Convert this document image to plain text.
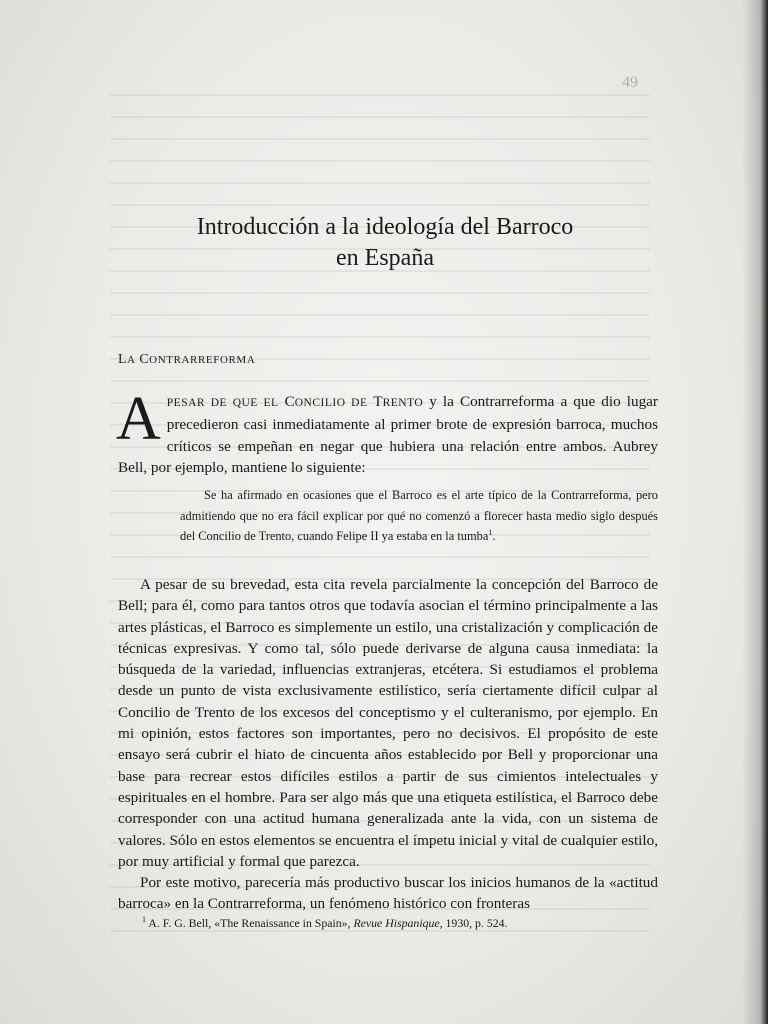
49
Introducción a la ideología del Barroco
en España
LA CONTRARREFORMA
APESAR DE QUE EL CONCILIO DE TRENTO y la Contrarreforma a que dio lugar precedieron casi inmediatamente al primer brote de expresión barroca, muchos críticos se empeñan en negar que hubiera una relación entre ambos. Aubrey Bell, por ejemplo, mantiene lo siguiente:

Se ha afirmado en ocasiones que el Barroco es el arte típico de la Contrarreforma, pero admitiendo que no era fácil explicar por qué no comenzó a florecer hasta medio siglo después del Concilio de Trento, cuando Felipe II ya estaba en la tumba$^1$.

A pesar de su brevedad, esta cita revela parcialmente la concepción del Barroco de Bell; para él, como para tantos otros que todavía asocian el término principalmente a las artes plásticas, el Barroco es simplemente un estilo, una cristalización y complicación de técnicas expresivas. Y como tal, sólo puede derivarse de alguna causa inmediata: la búsqueda de la variedad, influencias extranjeras, etcétera. Si estudiamos el problema desde un punto de vista exclusivamente estilístico, sería ciertamente difícil culpar al Concilio de Trento de los excesos del conceptismo y el culteranismo, por ejemplo. En mi opinión, estos factores son importantes, pero no decisivos. El propósito de este ensayo será cubrir el hiato de cincuenta años establecido por Bell y proporcionar una base para recrear estos difíciles estilos a partir de sus cimientos intelectuales y espirituales en el hombre. Para ser algo más que una etiqueta estilística, el Barroco debe corresponder con una actitud humana generalizada ante la vida, con un sistema de valores. Sólo en estos elementos se encuentra el ímpetu inicial y vital de cualquier estilo, por muy artificial y formal que parezca.

Por este motivo, parecería más productivo buscar los inicios humanos de la «actitud barroca» en la Contrarreforma, un fenómeno histórico con fronteras

$^1$ A. F. G. Bell, «The Renaissance in Spain», Revue Hispanique, 1930, p. 524.
